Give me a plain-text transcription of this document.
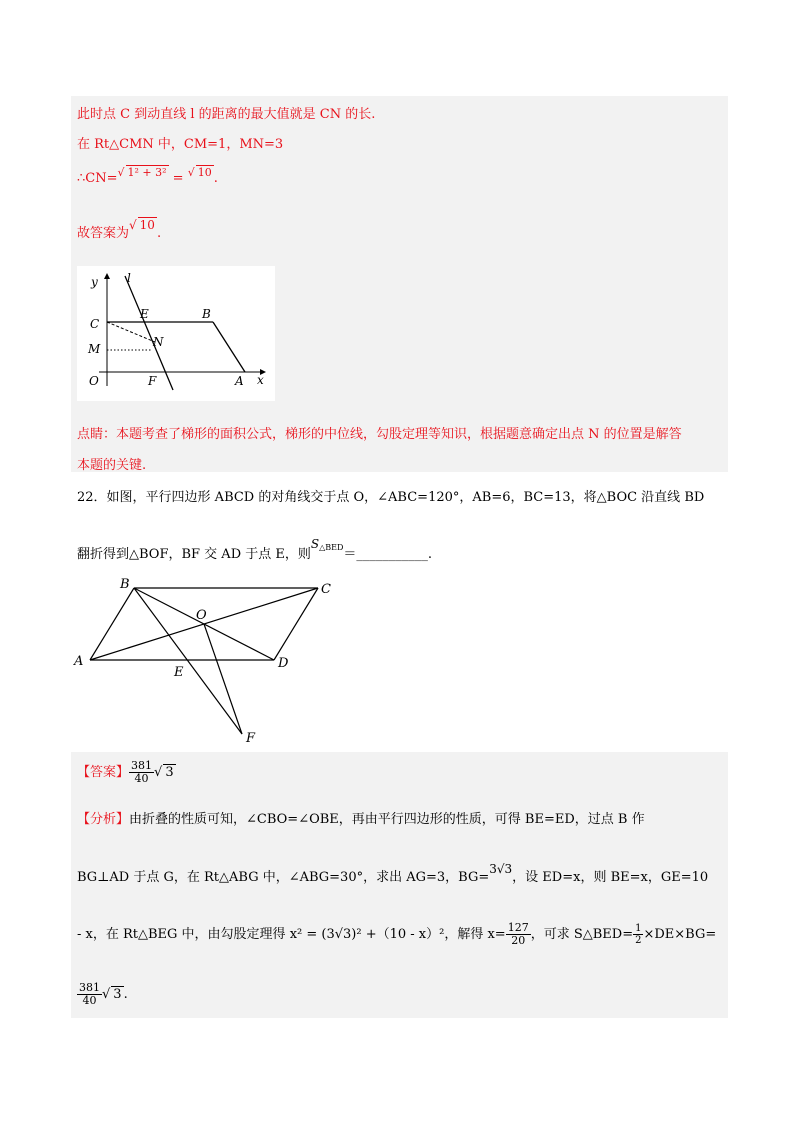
此时点 C 到动直线 l 的距离的最大值就是 CN 的长.
在 Rt△CMN 中，CM=1，MN=3
∴CN=√ 1² + 3² = √ 10 .
故答案为√ 10.
y l
C
E	B
M	N
O	F	A x
点睛：本题考查了梯形的面积公式，梯形的中位线，勾股定理等知识，根据题意确定出点 N 的位置是解答
本题的关键.
22．如图，平行四边形 ABCD 的对角线交于点 O，∠ABC=120°，AB=6，BC=13，将△BOC 沿直线 BD
翻折得到△BOF，BF 交 AD 于点 E，则$S^{\triangle BED}=\_\_\_\_\_\_\_\_\_\_\_$.
A
B	C
D
O
E
F
【答案】 $\frac{381}{40}$ √ 3
【分析】由折叠的性质可知，∠CBO=∠OBE，再由平行四边形的性质，可得 BE=ED，过点 B 作
BG⊥AD 于点 G，在 Rt△ABG 中，∠ABG=30°，求出 AG=3，BG=3√3，设 ED=x，则 BE=x，GE=10
- x，在 Rt△BEG 中，由勾股定理得 x² = (3√3)² +（10 - x）²，解得 $x= \frac{127}{20}$ ，可求 S△BED= $\frac{1}{2} \times DE\times BG=$
$\frac{381}{40}$ √ 3 .
